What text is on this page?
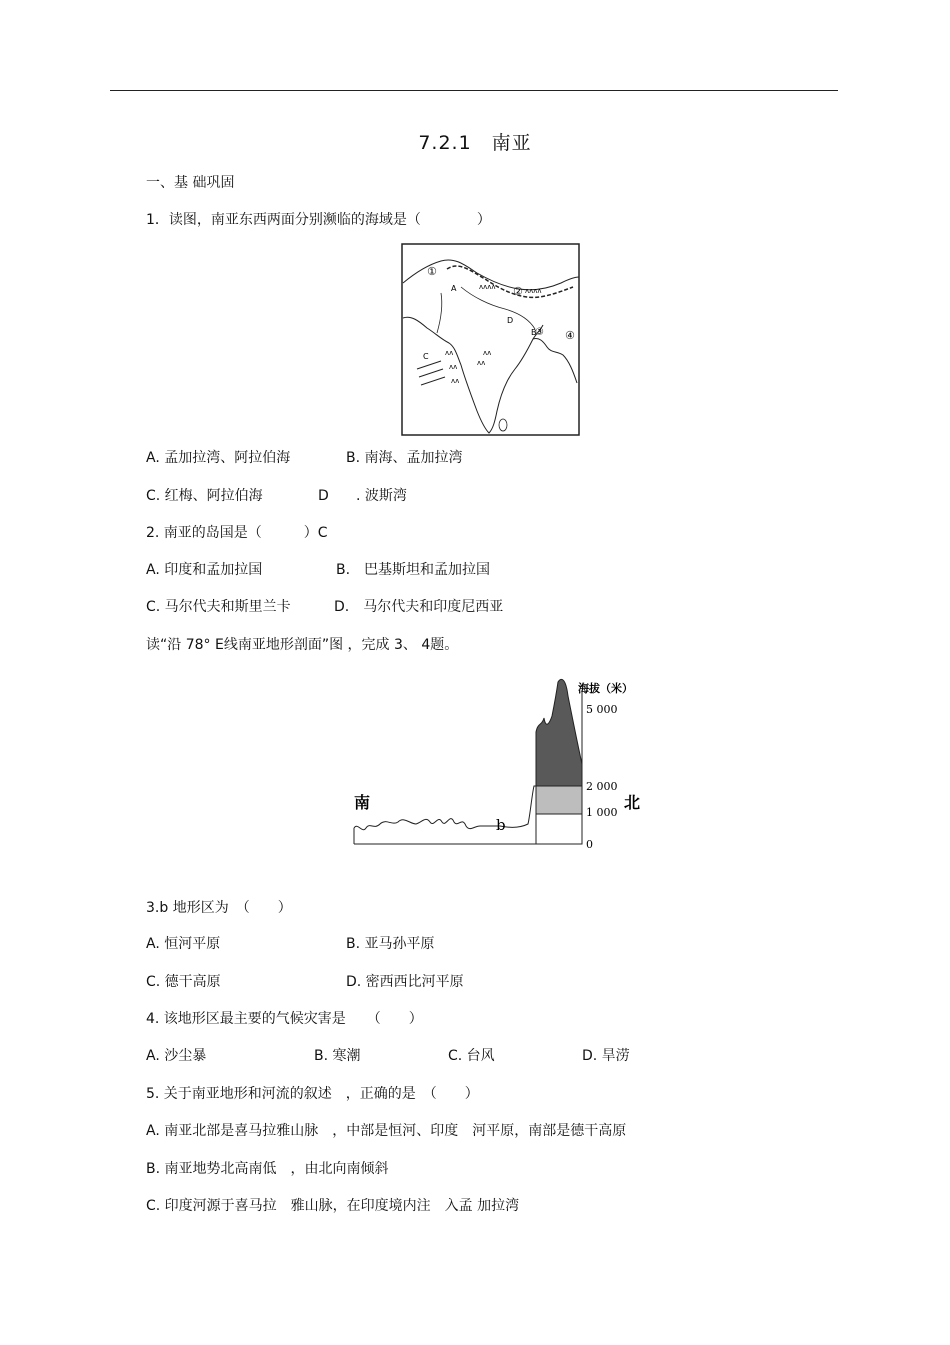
7.2.1　南亚
一、基 础巩固
1．读图，南亚东西两面分别濒临的海域是（　　　　）
ᴧᴧᴧᴧ	ᴧᴧᴧᴧ
ᴧᴧ
ᴧᴧ
ᴧᴧ
ᴧᴧ
ᴧᴧ
①
②
③ ④
A
B
C
D
A. 孟加拉湾、阿拉伯海	B. 南海、孟加拉湾
C. 红梅、阿拉伯海	D . 波斯湾
2. 南亚的岛国是（　　　）C
A. 印度和孟加拉国	B.　巴基斯坦和孟加拉国
C. 马尔代夫和斯里兰卡	D.　马尔代夫和印度尼西亚
读“沿 78° E线南亚地形剖面”图 ，完成 3、 4题。
海拔（米）
5 000
2 000
1 000
0
南	北
b
3.b 地形区为　（　　）
A. 恒河平原	B. 亚马孙平原
C. 德干高原	D. 密西西比河平原
4. 该地形区最主要的气候灾害是　　（　　）
A. 沙尘暴	B. 寒潮	C. 台风	D. 旱涝
5. 关于南亚地形和河流的叙述　，正确的是　（　　）
A. 南亚北部是喜马拉雅山脉　，中部是恒河、印度　河平原，南部是德干高原
B. 南亚地势北高南低　，由北向南倾斜
C. 印度河源于喜马拉　雅山脉，在印度境内注　入孟 加拉湾
